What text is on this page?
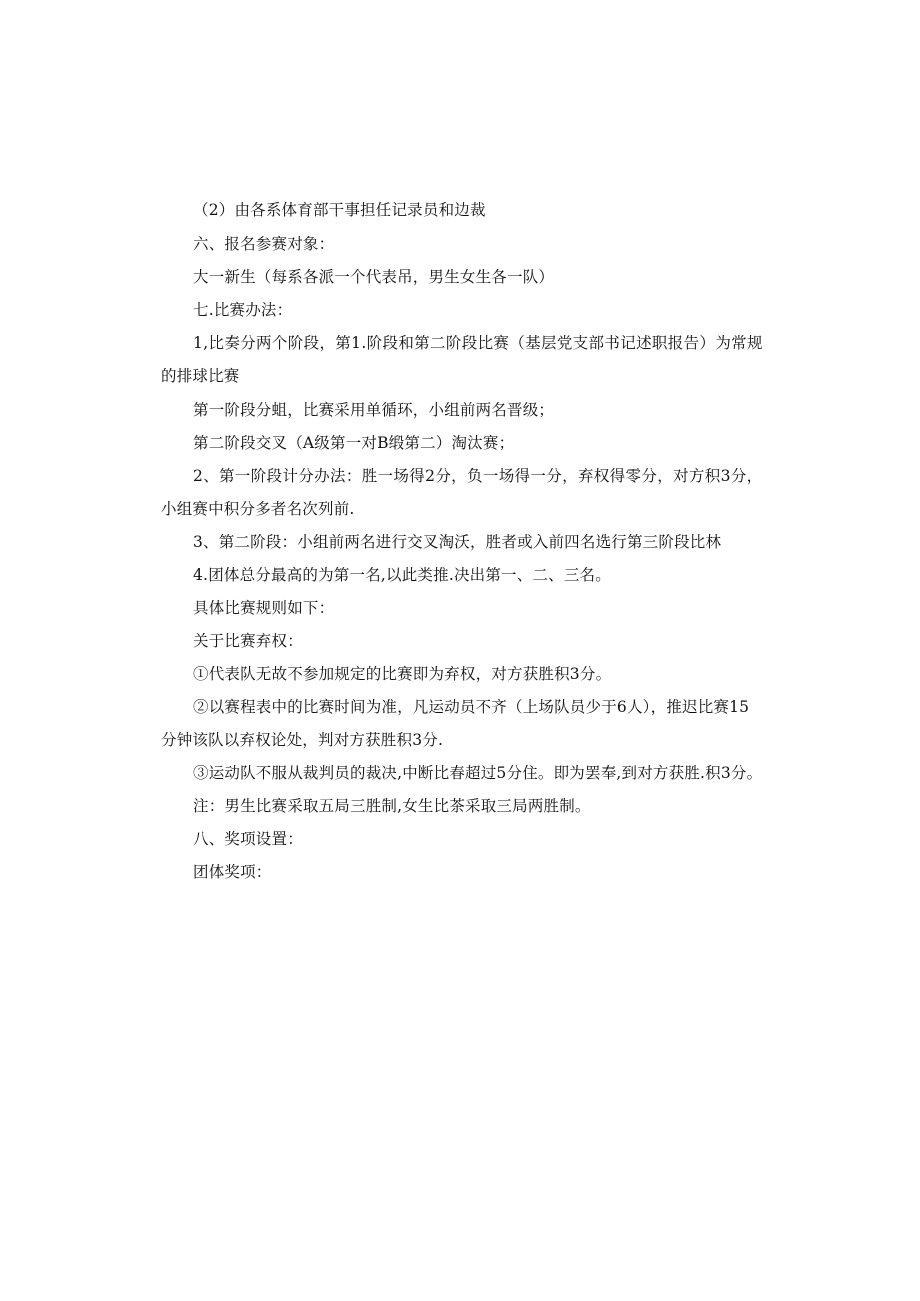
（2）由各系体育部干事担任记录员和边裁
六、报名参赛对象：
大一新生（每系各派一个代表吊，男生女生各一队）
七.比赛办法：
1,比奏分两个阶段，第1.阶段和第二阶段比赛（基层党支部书记述职报告）为常规
的排球比赛
第一阶段分蛆，比赛采用单循环，小组前两名晋级；
第二阶段交叉（A级第一对B缎第二）淘汰赛；
2、第一阶段计分办法：胜一场得2分，负一场得一分，弃权得零分，对方积3分，
小组赛中积分多者名次列前.
3、第二阶段：小组前两名进行交叉淘沃，胜者或入前四名选行第三阶段比林
4.团体总分最高的为第一名,以此类推.决出第一、二、三名。
具体比赛规则如下：
关于比赛弃权：
①代表队无故不参加规定的比赛即为弃权，对方获胜积3分。
②以赛程表中的比赛时间为准，凡运动员不齐（上场队员少于6人），推迟比赛15
分钟该队以弃权论处，判对方获胜积3分.
③运动队不服从裁判员的裁决,中断比春超过5分住。即为罢奉,到对方获胜.积3分。
注：男生比赛采取五局三胜制,女生比茶采取三局两胜制。
八、奖项设置：
团体奖项：
